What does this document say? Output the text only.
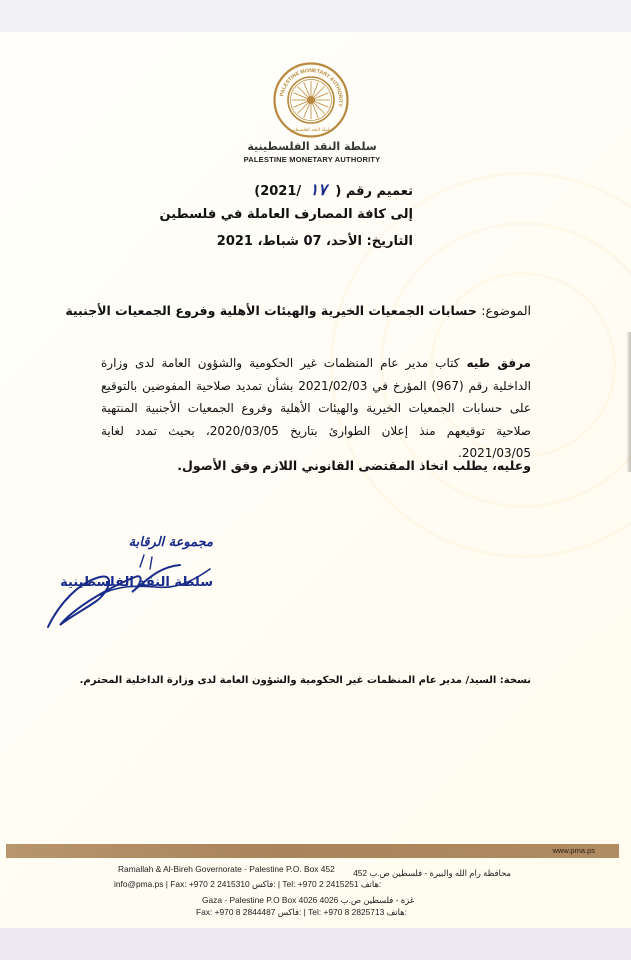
PALESTINE MONETARY AUTHORITY
سلطة النقد الفلسطينية
سلطة النقد الفلسطينية
PALESTINE MONETARY AUTHORITY
تعميم رقم ( ١٧ /2021)
إلى كافة المصارف العاملة في فلسطين
التاريخ: الأحد، 07 شباط، 2021
الموضوع: حسابات الجمعيات الخيرية والهيئات الأهلية وفروع الجمعيات الأجنبية
مرفق طيه كتاب مدير عام المنظمات غير الحكومية والشؤون العامة لدى وزارة الداخلية رقم (967) المؤرخ في 2021/02/03 بشأن تمديد صلاحية المفوضين بالتوقيع على حسابات الجمعيات الخيرية والهيئات الأهلية وفروع الجمعيات الأجنبية المنتهية صلاحية توقيعهم منذ إعلان الطوارئ بتاريخ 2020/03/05، بحيث تمدد لغاية 2021/03/05.
وعليه، يطلب اتخاذ المقتضى القانوني اللازم وفق الأصول.
مجموعة الرقابة
سلطة النقد الفلسطينية
نسخة: السيد/ مدير عام المنظمات غير الحكومية والشؤون العامة لدى وزارة الداخلية المحترم.
www.pma.ps
محافظة رام الله والبيرة - فلسطين ص.ب 452
Ramallah & Al-Bireh Governorate - Palestine P.O. Box 452
info@pma.ps | Fax: +970 2 2415310 فاكس: | Tel: +970 2 2415251 هاتف:
غزة - فلسطين ص.ب 4026 Gaza - Palestine P.O Box 4026
Fax: +970 8 2844487 فاكس: | Tel: +970 8 2825713 هاتف:
